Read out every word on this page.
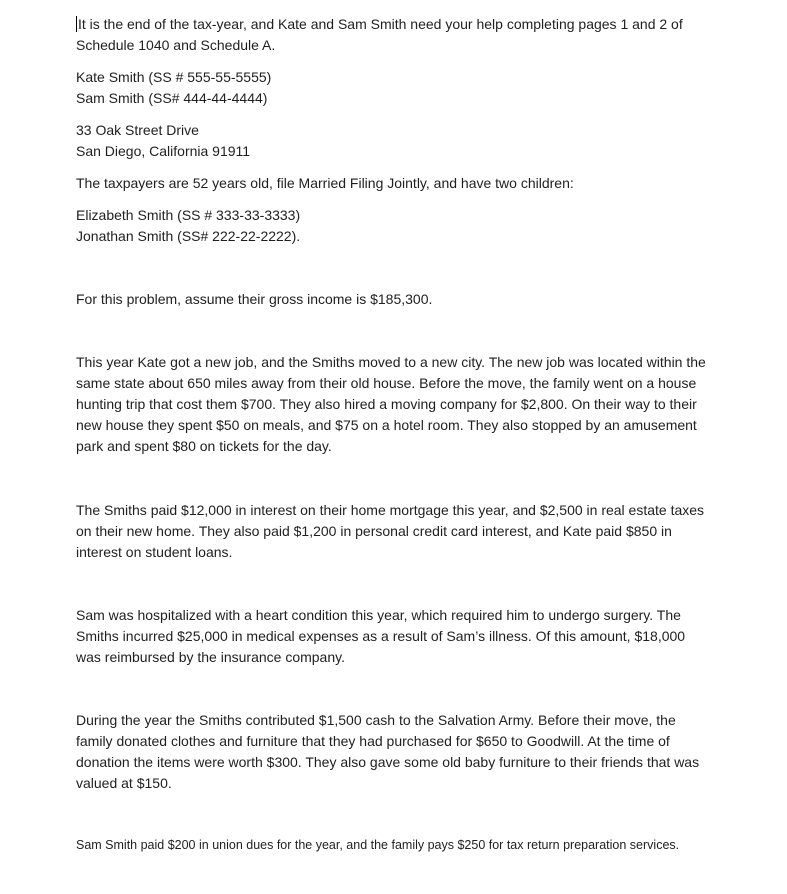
It is the end of the tax-year, and Kate and Sam Smith need your help completing pages 1 and 2 of Schedule 1040 and Schedule A.

Kate Smith (SS # 555-55-5555)
Sam Smith (SS# 444-44-4444)

33 Oak Street Drive
San Diego, California 91911

The taxpayers are 52 years old, file Married Filing Jointly, and have two children:

Elizabeth Smith (SS # 333-33-3333)
Jonathan Smith (SS# 222-22-2222).

For this problem, assume their gross income is $185,300.

This year Kate got a new job, and the Smiths moved to a new city. The new job was located within the same state about 650 miles away from their old house. Before the move, the family went on a house hunting trip that cost them $700. They also hired a moving company for $2,800. On their way to their new house they spent $50 on meals, and $75 on a hotel room. They also stopped by an amusement park and spent $80 on tickets for the day.

The Smiths paid $12,000 in interest on their home mortgage this year, and $2,500 in real estate taxes on their new home. They also paid $1,200 in personal credit card interest, and Kate paid $850 in interest on student loans.

Sam was hospitalized with a heart condition this year, which required him to undergo surgery. The Smiths incurred $25,000 in medical expenses as a result of Sam’s illness. Of this amount, $18,000 was reimbursed by the insurance company.

During the year the Smiths contributed $1,500 cash to the Salvation Army. Before their move, the family donated clothes and furniture that they had purchased for $650 to Goodwill. At the time of donation the items were worth $300. They also gave some old baby furniture to their friends that was valued at $150.

Sam Smith paid $200 in union dues for the year, and the family pays $250 for tax return preparation services.
